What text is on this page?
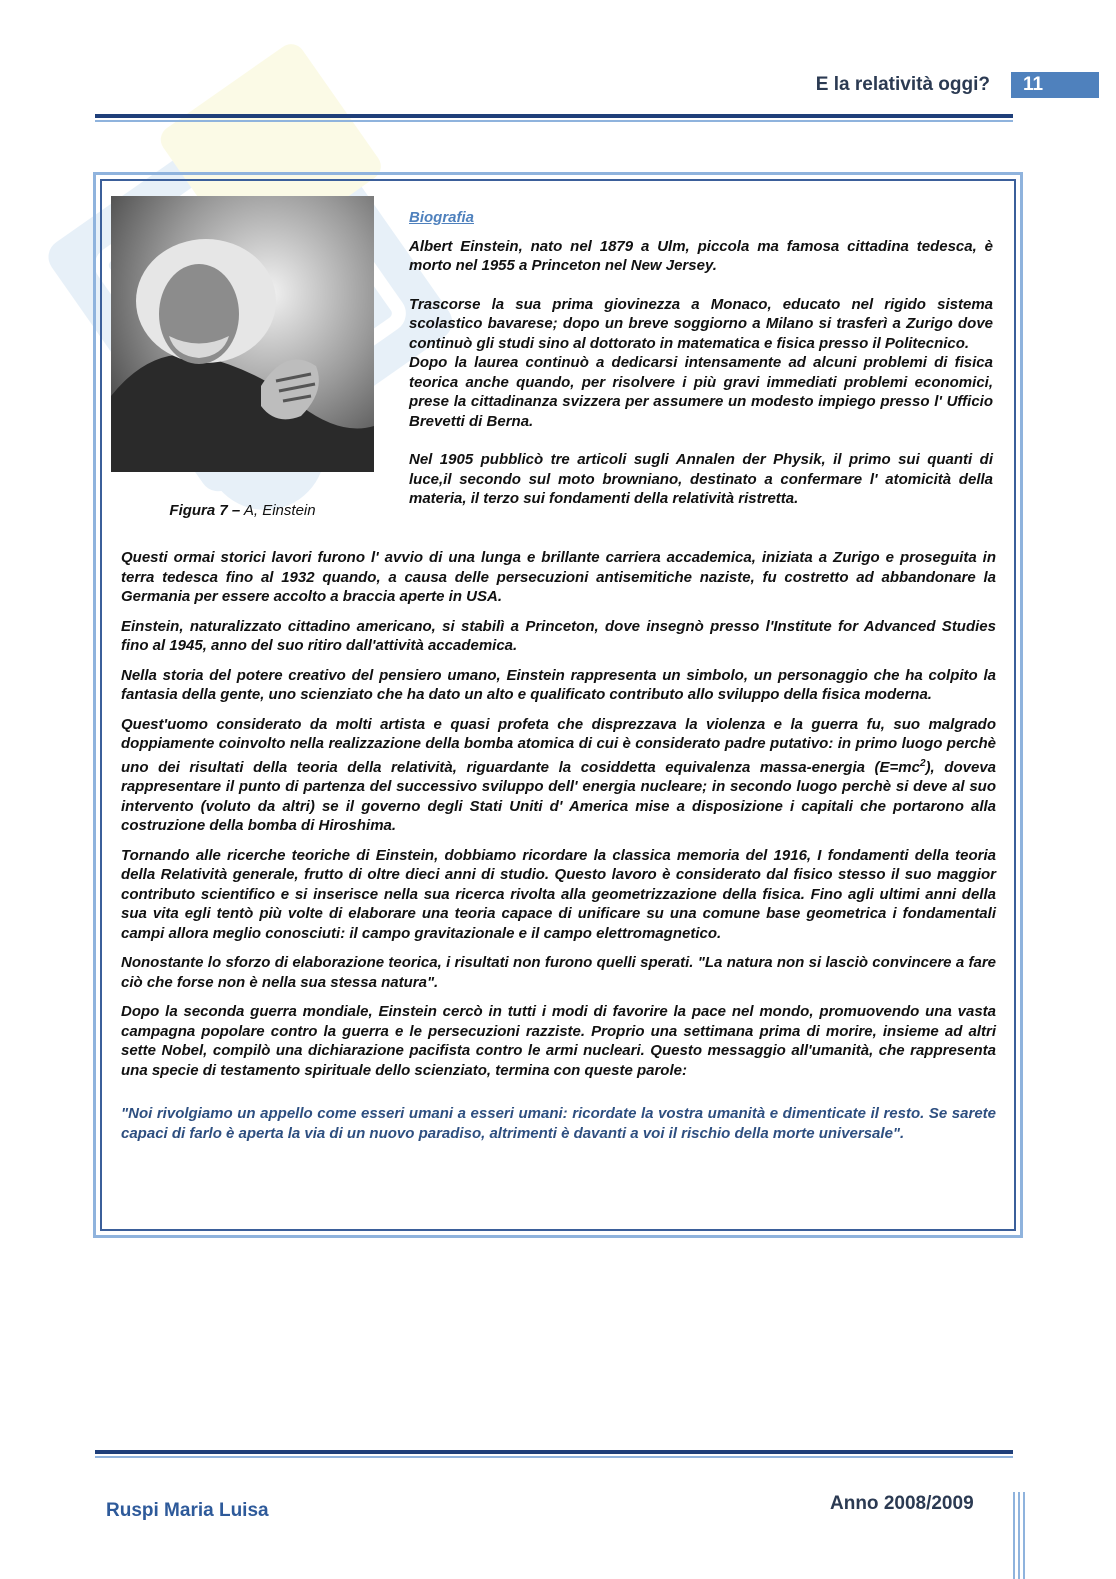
E la relatività oggi?	11
Figura 7 – A, Einstein

Biografia

Albert Einstein, nato nel 1879 a Ulm, piccola ma famosa cittadina tedesca, è morto nel 1955 a Princeton nel New Jersey.

Trascorse la sua prima giovinezza a Monaco, educato nel rigido sistema scolastico bavarese; dopo un breve soggiorno a Milano si trasferì a Zurigo dove continuò gli studi sino al dottorato in matematica e fisica presso il Politecnico.

Dopo la laurea continuò a dedicarsi intensamente ad alcuni problemi di fisica teorica anche quando, per risolvere i più gravi immediati problemi economici, prese la cittadinanza svizzera per assumere un modesto impiego presso l' Ufficio Brevetti di Berna.

Nel 1905 pubblicò tre articoli sugli Annalen der Physik, il primo sui quanti di luce,il secondo sul moto browniano, destinato a confermare l' atomicità della materia, il terzo sui fondamenti della relatività ristretta.

Questi ormai storici lavori furono l' avvio di una lunga e brillante carriera accademica, iniziata a Zurigo e proseguita in terra tedesca fino al 1932 quando, a causa delle persecuzioni antisemitiche naziste, fu costretto ad abbandonare la Germania per essere accolto a braccia aperte in USA.

Einstein, naturalizzato cittadino americano, si stabilì a Princeton, dove insegnò presso l'Institute for Advanced Studies fino al 1945, anno del suo ritiro dall'attività accademica.

Nella storia del potere creativo del pensiero umano, Einstein rappresenta un simbolo, un personaggio che ha colpito la fantasia della gente, uno scienziato che ha dato un alto e qualificato contributo allo sviluppo della fisica moderna.

Quest'uomo considerato da molti artista e quasi profeta che disprezzava la violenza e la guerra fu, suo malgrado doppiamente coinvolto nella realizzazione della bomba atomica di cui è considerato padre putativo: in primo luogo perchè uno dei risultati della teoria della relatività, riguardante la cosiddetta equivalenza massa-energia $(E=mc^2)$, doveva rappresentare il punto di partenza del successivo sviluppo dell' energia nucleare; in secondo luogo perchè si deve al suo intervento (voluto da altri) se il governo degli Stati Uniti d' America mise a disposizione i capitali che portarono alla costruzione della bomba di Hiroshima.

Tornando alle ricerche teoriche di Einstein, dobbiamo ricordare la classica memoria del 1916, I fondamenti della teoria della Relatività generale, frutto di oltre dieci anni di studio. Questo lavoro è considerato dal fisico stesso il suo maggior contributo scientifico e si inserisce nella sua ricerca rivolta alla geometrizzazione della fisica. Fino agli ultimi anni della sua vita egli tentò più volte di elaborare una teoria capace di unificare su una comune base geometrica i fondamentali campi allora meglio conosciuti: il campo gravitazionale e il campo elettromagnetico.

Nonostante lo sforzo di elaborazione teorica, i risultati non furono quelli sperati. "La natura non si lasciò convincere a fare ciò che forse non è nella sua stessa natura".

Dopo la seconda guerra mondiale, Einstein cercò in tutti i modi di favorire la pace nel mondo, promuovendo una vasta campagna popolare contro la guerra e le persecuzioni razziste. Proprio una settimana prima di morire, insieme ad altri sette Nobel, compilò una dichiarazione pacifista contro le armi nucleari. Questo messaggio all'umanità, che rappresenta una specie di testamento spirituale dello scienziato, termina con queste parole:

"Noi rivolgiamo un appello come esseri umani a esseri umani: ricordate la vostra umanità e dimenticate il resto. Se sarete capaci di farlo è aperta la via di un nuovo paradiso, altrimenti è davanti a voi il rischio della morte universale".

Ruspi Maria Luisa	Anno 2008/2009
